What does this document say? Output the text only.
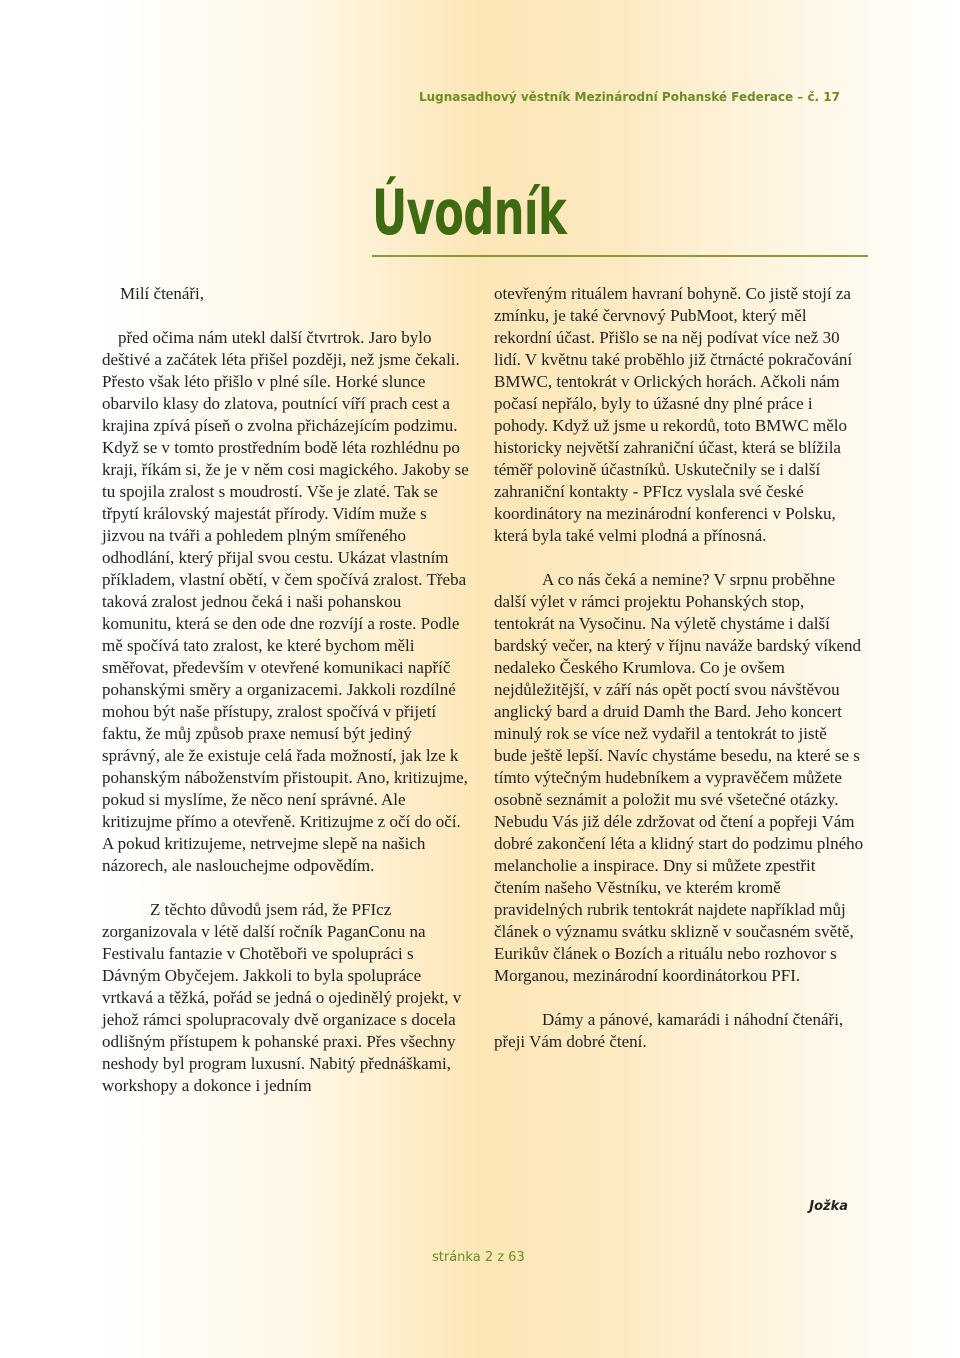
Lugnasadhový věstník Mezinárodní Pohanské Federace – č. 17
Úvodník

Milí čtenáři,

před očima nám utekl další čtvrtrok. Jaro bylo deštivé a začátek léta přišel později, než jsme čekali. Přesto však léto přišlo v plné síle. Horké slunce obarvilo klasy do zlatova, poutnící víří prach cest a krajina zpívá píseň o zvolna přicházejícím podzimu. Když se v tomto prostředním bodě léta rozhlédnu po kraji, říkám si, že je v něm cosi magického. Jakoby se tu spojila zralost s moudrostí. Vše je zlaté. Tak se třpytí královský majestát přírody. Vidím muže s jizvou na tváři a pohledem plným smířeného odhodlání, který přijal svou cestu. Ukázat vlastním příkladem, vlastní obětí, v čem spočívá zralost. Třeba taková zralost jednou čeká i naši pohanskou komunitu, která se den ode dne rozvíjí a roste. Podle mě spočívá tato zralost, ke které bychom měli směřovat, především v otevřené komunikaci napříč pohanskými směry a organizacemi. Jakkoli rozdílné mohou být naše přístupy, zralost spočívá v přijetí faktu, že můj způsob praxe nemusí být jediný správný, ale že existuje celá řada možností, jak lze k pohanským náboženstvím přistoupit. Ano, kritizujme, pokud si myslíme, že něco není správné. Ale kritizujme přímo a otevřeně. Kritizujme z očí do očí. A pokud kritizujeme, netrvejme slepě na našich názorech, ale naslouchejme odpovědím.

Z těchto důvodů jsem rád, že PFIcz zorganizovala v létě další ročník PaganConu na Festivalu fantazie v Chotěboři ve spolupráci s Dávným Obyčejem. Jakkoli to byla spolupráce vrtkavá a těžká, pořád se jedná o ojedinělý projekt, v jehož rámci spolupracovaly dvě organizace s docela odlišným přístupem k pohanské praxi. Přes všechny neshody byl program luxusní. Nabitý přednáškami, workshopy a dokonce i jedním

otevřeným rituálem havraní bohyně. Co jistě stojí za zmínku, je také červnový PubMoot, který měl rekordní účast. Přišlo se na něj podívat více než 30 lidí. V květnu také proběhlo již čtrnácté pokračování BMWC, tentokrát v Orlických horách. Ačkoli nám počasí nepřálo, byly to úžasné dny plné práce i pohody. Když už jsme u rekordů, toto BMWC mělo historicky největší zahraniční účast, která se blížila téměř polovině účastníků. Uskutečnily se i další zahraniční kontakty - PFIcz vyslala své české koordinátory na mezinárodní konferenci v Polsku, která byla také velmi plodná a přínosná.

A co nás čeká a nemine? V srpnu proběhne další výlet v rámci projektu Pohanských stop, tentokrát na Vysočinu. Na výletě chystáme i další bardský večer, na který v říjnu naváže bardský víkend nedaleko Českého Krumlova. Co je ovšem nejdůležitější, v září nás opět poctí svou návštěvou anglický bard a druid Damh the Bard. Jeho koncert minulý rok se více než vydařil a tentokrát to jistě bude ještě lepší. Navíc chystáme besedu, na které se s tímto výtečným hudebníkem a vypravěčem můžete osobně seznámit a položit mu své všetečné otázky. Nebudu Vás již déle zdržovat od čtení a popřeji Vám dobré zakončení léta a klidný start do podzimu plného melancholie a inspirace. Dny si můžete zpestřit čtením našeho Věstníku, ve kterém kromě pravidelných rubrik tentokrát najdete například můj článek o významu svátku sklizně v současném světě, Eurikův článek o Bozích a rituálu nebo rozhovor s Morganou, mezinárodní koordinátorkou PFI.

Dámy a pánové, kamarádi i náhodní čtenáři, přeji Vám dobré čtení.

Jožka
stránka 2 z 63
